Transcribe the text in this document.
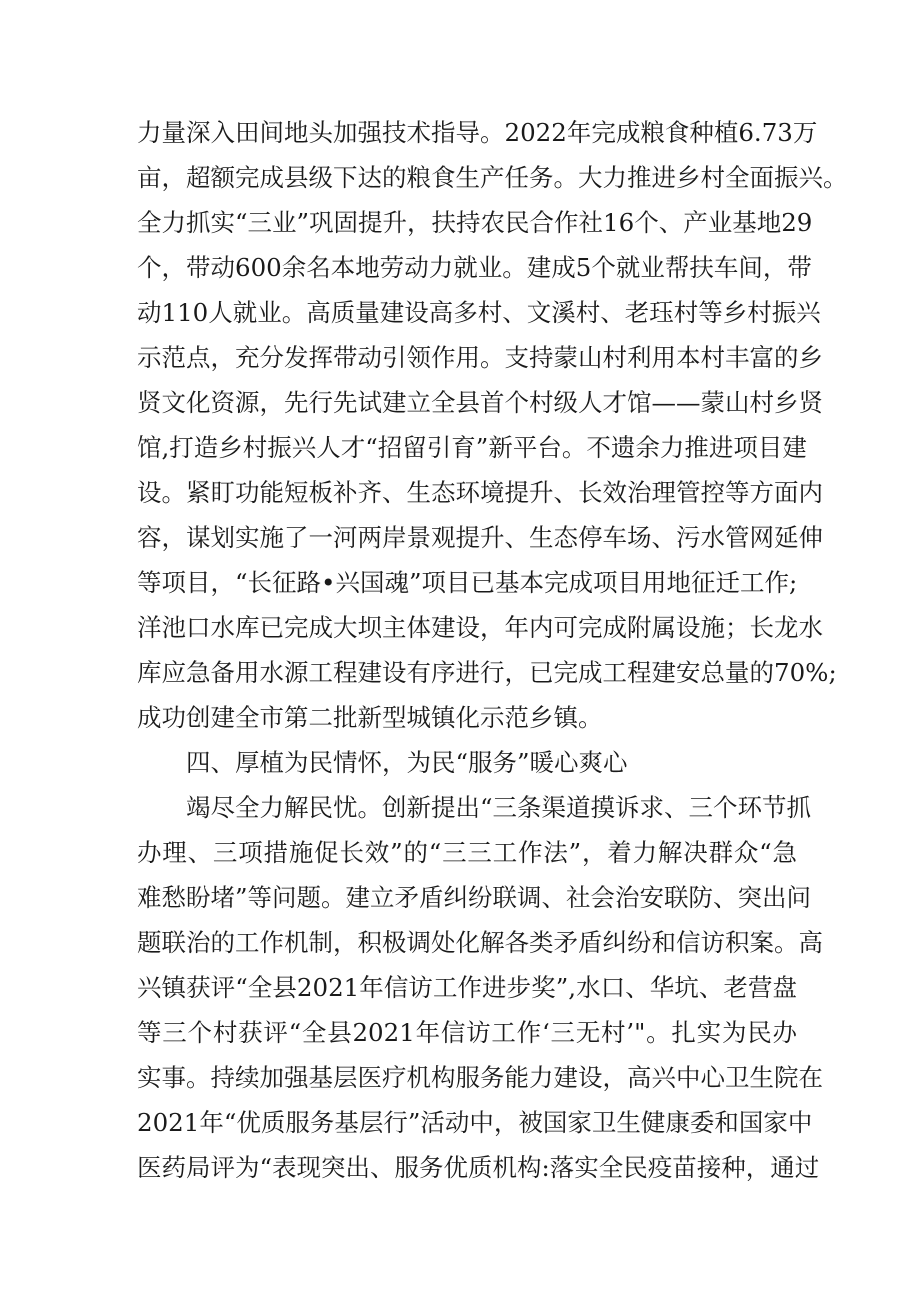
力量深入田间地头加强技术指导。2022年完成粮食种植6.73万
亩，超额完成县级下达的粮食生产任务。大力推进乡村全面振兴。
全力抓实“三业”巩固提升，扶持农民合作社16个、产业基地29
个，带动600余名本地劳动力就业。建成5个就业帮扶车间，带
动110人就业。高质量建设高多村、文溪村、老珏村等乡村振兴
示范点，充分发挥带动引领作用。支持蒙山村利用本村丰富的乡
贤文化资源，先行先试建立全县首个村级人才馆——蒙山村乡贤
馆,打造乡村振兴人才“招留引育”新平台。不遗余力推进项目建
设。紧盯功能短板补齐、生态环境提升、长效治理管控等方面内
容，谋划实施了一河两岸景观提升、生态停车场、污水管网延伸
等项目，“长征路•兴国魂”项目已基本完成项目用地征迁工作;
洋池口水库已完成大坝主体建设，年内可完成附属设施；长龙水
库应急备用水源工程建设有序进行，已完成工程建安总量的70%;
成功创建全市第二批新型城镇化示范乡镇。
四、厚植为民情怀，为民“服务”暖心爽心
竭尽全力解民忧。创新提出“三条渠道摸诉求、三个环节抓
办理、三项措施促长效”的“三三工作法”，着力解决群众“急
难愁盼堵”等问题。建立矛盾纠纷联调、社会治安联防、突出问
题联治的工作机制，积极调处化解各类矛盾纠纷和信访积案。高
兴镇获评“全县2021年信访工作进步奖”,水口、华坑、老营盘
等三个村获评“全县2021年信访工作‘三无村’"。扎实为民办
实事。持续加强基层医疗机构服务能力建设，高兴中心卫生院在
2021年“优质服务基层行”活动中，被国家卫生健康委和国家中
医药局评为“表现突出、服务优质机构:落实全民疫苗接种，通过
